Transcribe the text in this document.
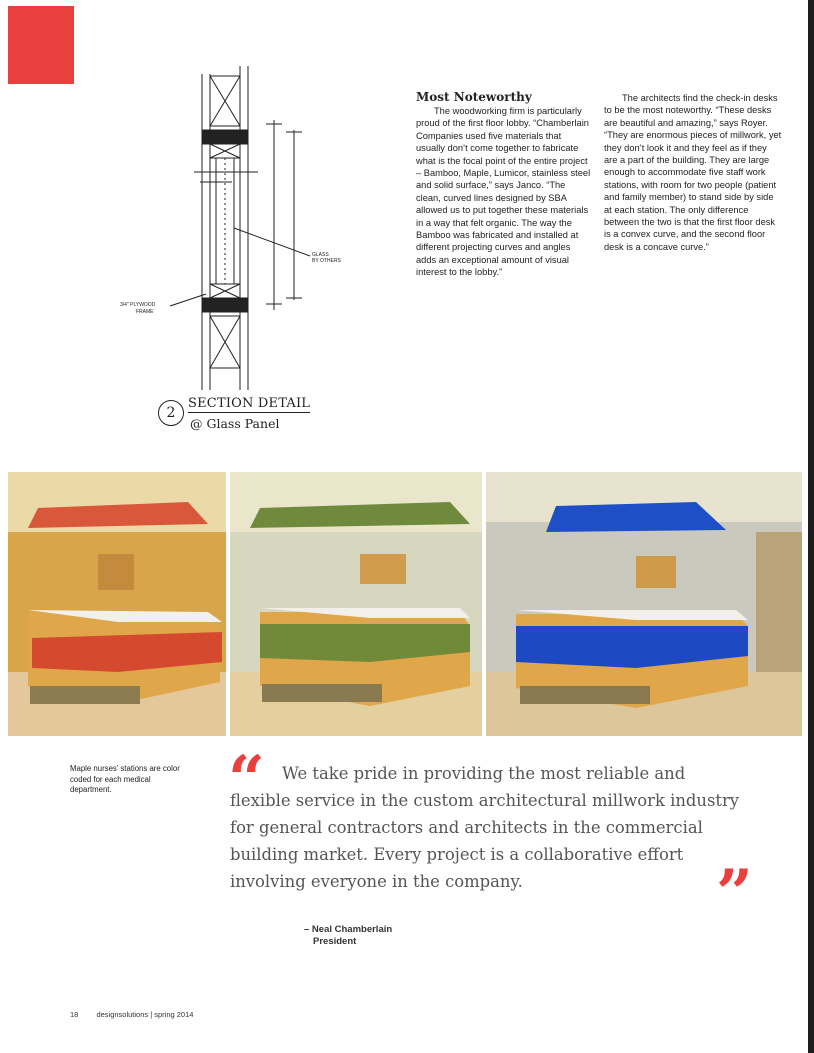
GLASS
BY OTHERS
3/4" PLYWOOD
FRAME
2
SECTION DETAIL
@ Glass Panel
Most Noteworthy

The woodworking firm is particularly proud of the first floor lobby. “Chamberlain Companies used five materials that usually don’t come together to fabricate what is the focal point of the entire project – Bamboo, Maple, Lumicor, stainless steel and solid surface,” says Janco. “The clean, curved lines designed by SBA allowed us to put together these materials in a way that felt organic. The way the Bamboo was fabricated and installed at different projecting curves and angles adds an exceptional amount of visual interest to the lobby.”

The architects find the check-in desks to be the most noteworthy. “These desks are beautiful and amazing,” says Royer. “They are enormous pieces of millwork, yet they don’t look it and they feel as if they are a part of the building. They are large enough to accommodate five staff work stations, with room for two people (patient and family member) to stand side by side at each station. The only difference between the two is that the first floor desk is a convex curve, and the second floor desk is a concave curve.”

Maple nurses’ stations are color coded for each medical department.	“	We take pride in providing the most reliable and flexible service in the custom architectural millwork industry for general contractors and architects in the commercial building market. Every project is a collaborative effort involving everyone in the company.	”
– Neal Chamberlain
President
18 designsolutions | spring 2014
